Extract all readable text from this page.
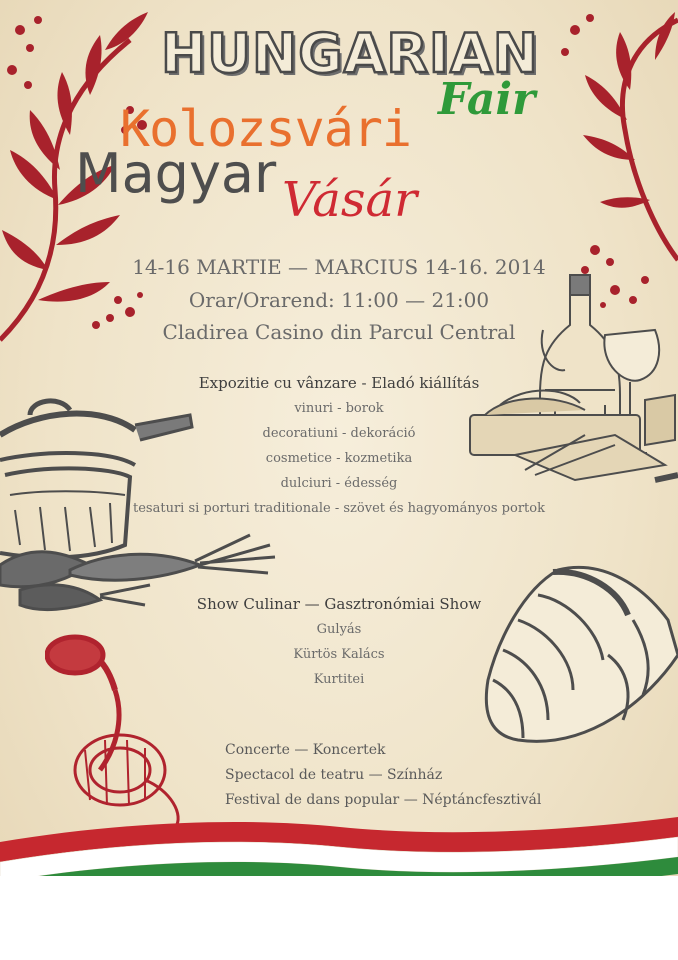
HUNGARIAN
Fair
Kolozsvári
Magyar Vásár
14-16 MARTIE — MARCIUS 14-16. 2014
Orar/Orarend: 11:00 — 21:00
Cladirea Casino din Parcul Central
Expozitie cu vânzare - Eladó kiállítás
vinuri - borok
decoratiuni - dekoráció
cosmetice - kozmetika
dulciuri - édesség
tesaturi si porturi traditionale - szövet és hagyományos portok
Show Culinar — Gasztronómiai Show
Gulyás
Kürtös Kalács
Kurtitei
Concerte — Koncertek
Spectacol de teatru — Színház
Festival de dans popular — Néptáncfesztivál
